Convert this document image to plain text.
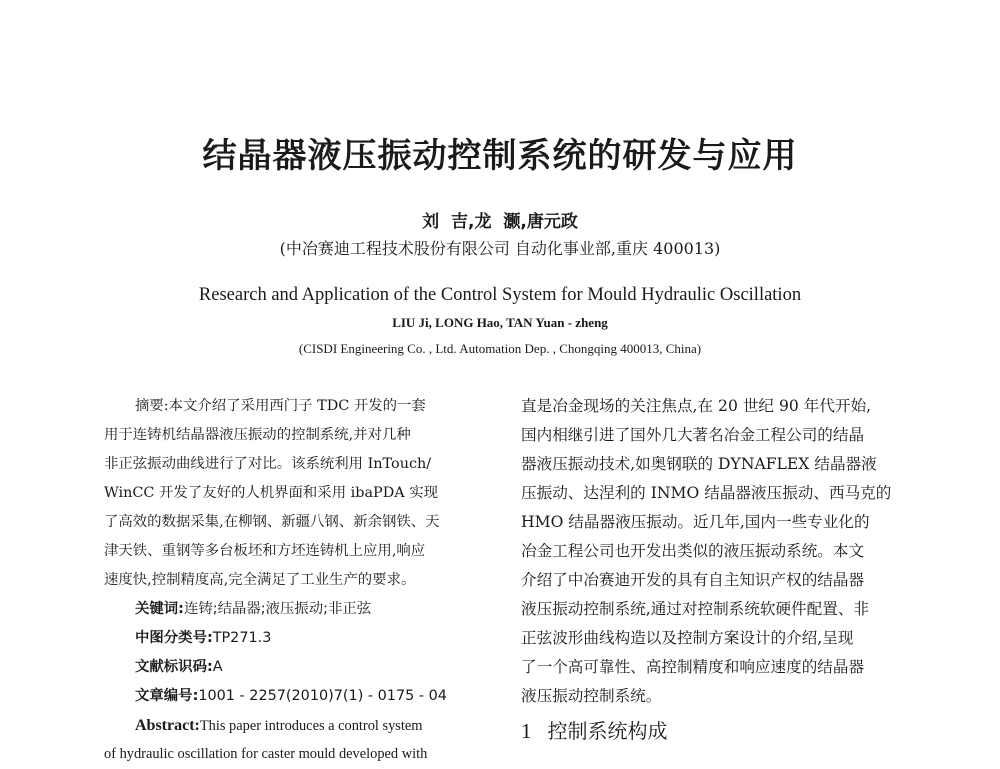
结晶器液压振动控制系统的研发与应用
刘 吉,龙 灏,唐元政
(中冶赛迪工程技术股份有限公司 自动化事业部,重庆 400013)
Research and Application of the Control System for Mould Hydraulic Oscillation
LIU Ji, LONG Hao, TAN Yuan - zheng
(CISDI Engineering Co. , Ltd. Automation Dep. , Chongqing 400013, China)
摘要:本文介绍了采用西门子 TDC 开发的一套
用于连铸机结晶器液压振动的控制系统,并对几种
非正弦振动曲线进行了对比。该系统利用 InTouch/
WinCC 开发了友好的人机界面和采用 ibaPDA 实现
了高效的数据采集,在柳钢、新疆八钢、新余钢铁、天
津天铁、重钢等多台板坯和方坯连铸机上应用,响应
速度快,控制精度高,完全满足了工业生产的要求。
关键词:连铸;结晶器;液压振动;非正弦
中图分类号:TP271.3
文献标识码:A
文章编号:1001 - 2257(2010)7(1) - 0175 - 04
Abstract:This paper introduces a control system
of hydraulic oscillation for caster mould developed with
直是冶金现场的关注焦点,在 20 世纪 90 年代开始,
国内相继引进了国外几大著名冶金工程公司的结晶
器液压振动技术,如奥钢联的 DYNAFLEX 结晶器液
压振动、达涅利的 INMO 结晶器液压振动、西马克的
HMO 结晶器液压振动。近几年,国内一些专业化的
冶金工程公司也开发出类似的液压振动系统。本文
介绍了中冶赛迪开发的具有自主知识产权的结晶器
液压振动控制系统,通过对控制系统软硬件配置、非
正弦波形曲线构造以及控制方案设计的介绍,呈现
了一个高可靠性、高控制精度和响应速度的结晶器
液压振动控制系统。
1 控制系统构成
